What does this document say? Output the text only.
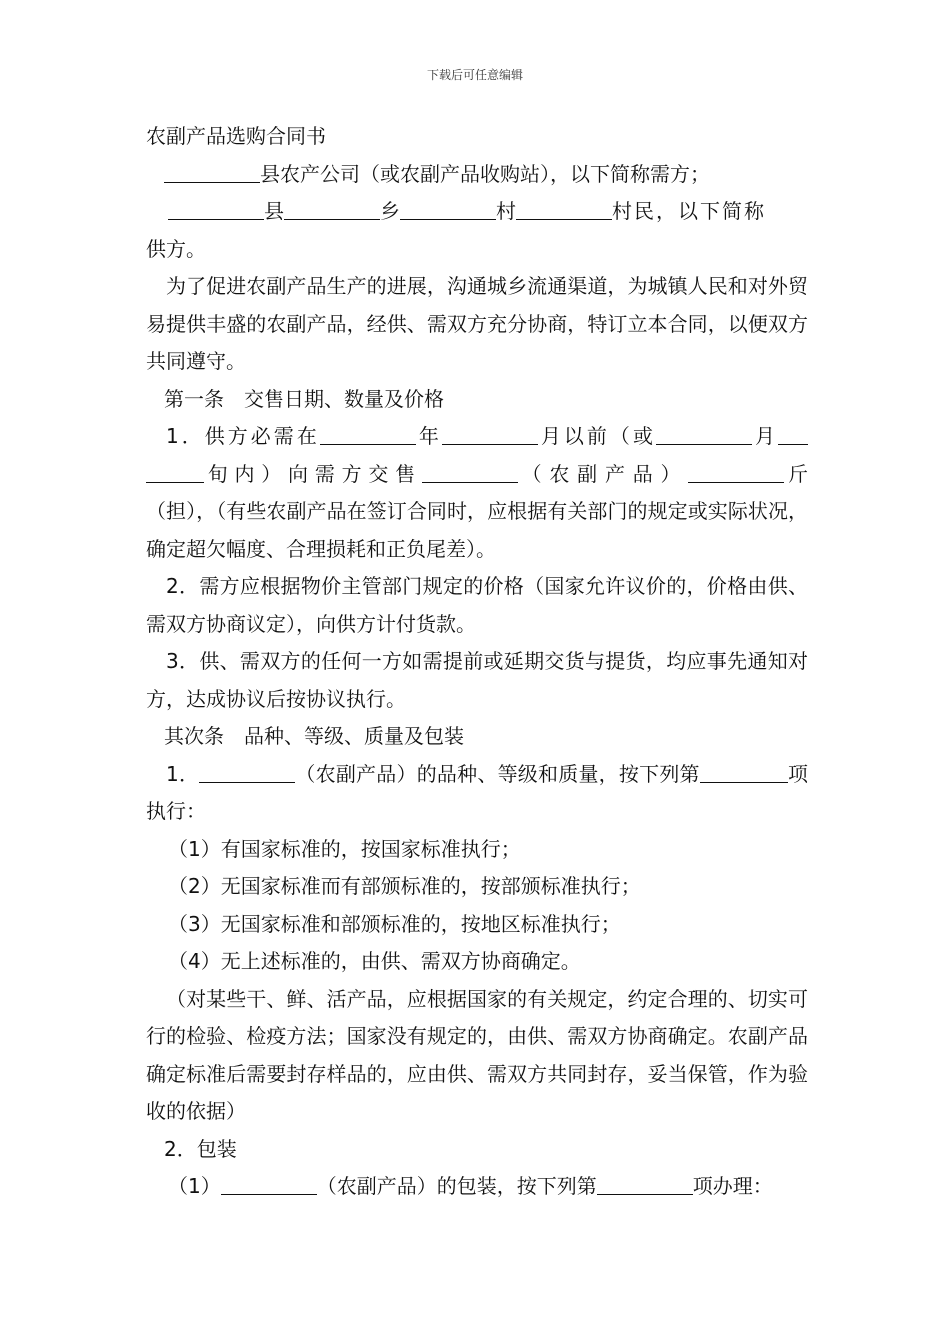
下载后可任意编辑

农副产品选购合同书

县农产公司（或农副产品收购站），以下简称需方；

县	乡	村	村民，以下简称

供方。

为了促进农副产品生产的进展，沟通城乡流通渠道，为城镇人民和对外贸易提供丰盛的农副产品，经供、需双方充分协商，特订立本合同，以便双方共同遵守。

第一条　交售日期、数量及价格

1．供方必需在	年	月以前（或	月旬内）向需方交售	（农副产品）	斤（担），（有些农副产品在签订合同时，应根据有关部门的规定或实际状况，确定超欠幅度、合理损耗和正负尾差）。

2．需方应根据物价主管部门规定的价格（国家允许议价的，价格由供、需双方协商议定），向供方计付货款。

3．供、需双方的任何一方如需提前或延期交货与提货，均应事先通知对方，达成协议后按协议执行。

其次条　品种、等级、质量及包装

1．	（农副产品）的品种、等级和质量，按下列第	项执行：

（1）有国家标准的，按国家标准执行；

（2）无国家标准而有部颁标准的，按部颁标准执行；

（3）无国家标准和部颁标准的，按地区标准执行；

（4）无上述标准的，由供、需双方协商确定。

（对某些干、鲜、活产品，应根据国家的有关规定，约定合理的、切实可行的检验、检疫方法；国家没有规定的，由供、需双方协商确定。农副产品确定标准后需要封存样品的，应由供、需双方共同封存，妥当保管，作为验收的依据）

2．包装

（1）	（农副产品）的包装，按下列第	项办理：
